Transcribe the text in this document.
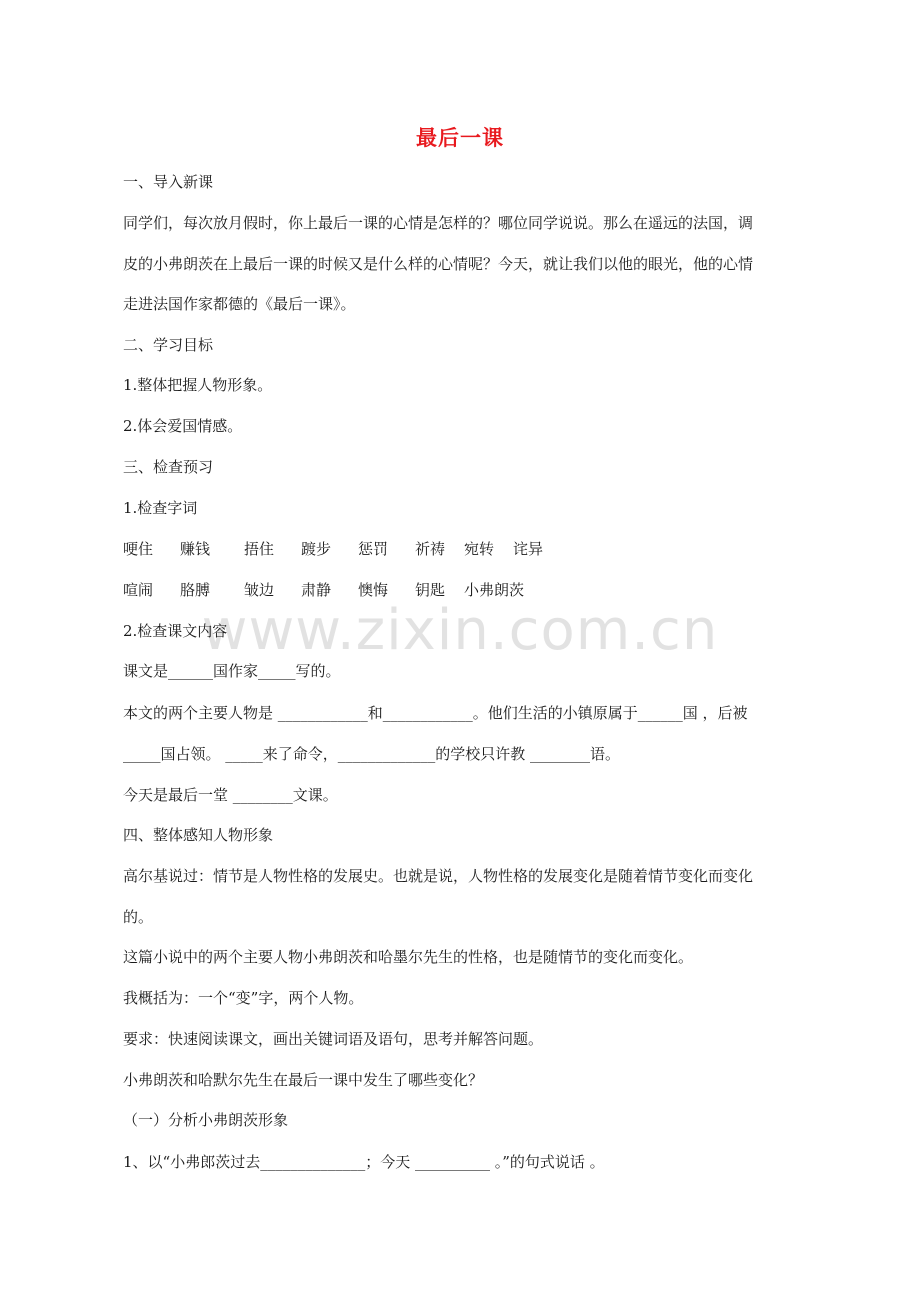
www.zixin.com.cn
最后一课
一、导入新课
同学们，每次放月假时，你上最后一课的心情是怎样的？哪位同学说说。那么在遥远的法国，调
皮的小弗朗茨在上最后一课的时候又是什么样的心情呢？今天，就让我们以他的眼光，他的心情
走进法国作家都德的《最后一课》。
二、学习目标
1.整体把握人物形象。
2.体会爱国情感。
三、检查预习
1.检查字词
哽住 赚钱 捂住 踱步 惩罚 祈祷 宛转 诧异
喧闹 胳膊 皱边 肃静 懊悔 钥匙 小弗朗茨
2.检查课文内容
课文是______国作家_____写的。
本文的两个主要人物是 ____________和____________。他们生活的小镇原属于______国 ，后被
_____国占领。 _____来了命令，_____________的学校只许教 ________语。
今天是最后一堂 ________文课。
四、整体感知人物形象
高尔基说过：情节是人物性格的发展史。也就是说，人物性格的发展变化是随着情节变化而变化
的。
这篇小说中的两个主要人物小弗朗茨和哈墨尔先生的性格，也是随情节的变化而变化。
我概括为：一个“变”字，两个人物。
要求：快速阅读课文，画出关键词语及语句，思考并解答问题。
小弗朗茨和哈默尔先生在最后一课中发生了哪些变化？
（一）分析小弗朗茨形象
1、以“小弗郎茨过去______________；今天 __________ 。”的句式说话 。
